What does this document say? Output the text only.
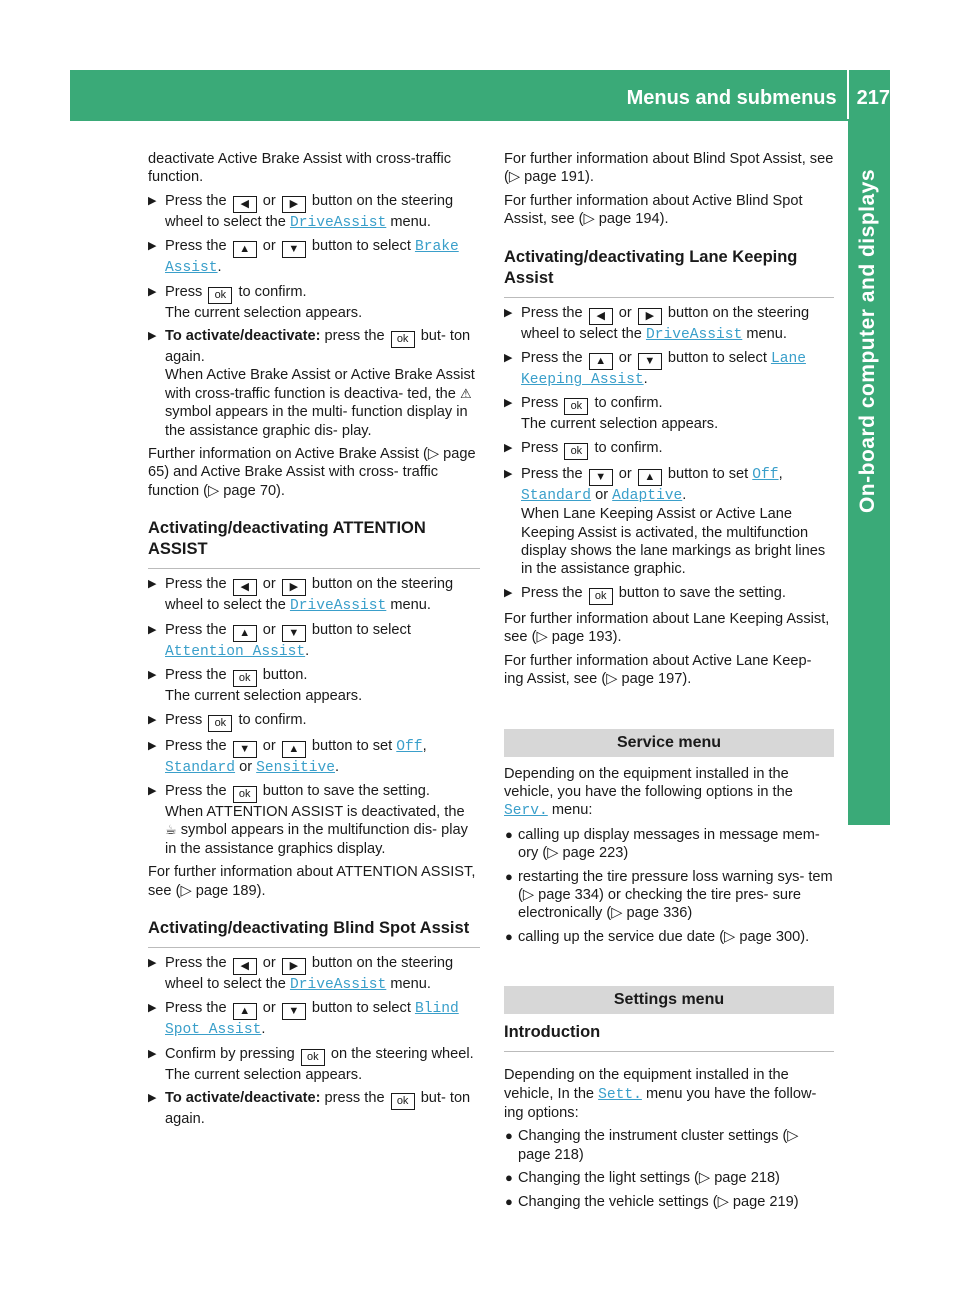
Menus and submenus 217
On-board computer and displays

deactivate Active Brake Assist with cross-traffic function.

▶ Press the ◀ or ▶ button on the steering wheel to select the DriveAssist menu.
▶ Press the ▲ or ▼ button to select Brake Assist.
▶ Press ok to confirm.
The current selection appears.
▶ To activate/deactivate: press the ok but- ton again.
When Active Brake Assist or Active Brake Assist with cross-traffic function is deactiva- ted, the ⚠ symbol appears in the multi- function display in the assistance graphic dis- play.

Further information on Active Brake Assist (▷ page 65) and Active Brake Assist with cross- traffic function (▷ page 70).

Activating/deactivating ATTENTION ASSIST
▶ Press the ◀ or ▶ button on the steering wheel to select the DriveAssist menu.
▶ Press the ▲ or ▼ button to select Attention Assist.
▶ Press the ok button.
The current selection appears.
▶ Press ok to confirm.
▶ Press the ▼ or ▲ button to set Off, Standard or Sensitive.
▶ Press the ok button to save the setting.
When ATTENTION ASSIST is deactivated, the
☕ symbol appears in the multifunction dis- play in the assistance graphics display.

For further information about ATTENTION ASSIST, see (▷ page 189).

Activating/deactivating Blind Spot Assist
▶ Press the ◀ or ▶ button on the steering wheel to select the DriveAssist menu.
▶ Press the ▲ or ▼ button to select Blind Spot Assist.
▶ Confirm by pressing ok on the steering wheel.
The current selection appears.
▶ To activate/deactivate: press the ok but- ton again.

For further information about Blind Spot Assist, see (▷ page 191).

For further information about Active Blind Spot Assist, see (▷ page 194).

Activating/deactivating Lane Keeping Assist
▶ Press the ◀ or ▶ button on the steering wheel to select the DriveAssist menu.
▶ Press the ▲ or ▼ button to select Lane Keeping Assist.
▶ Press ok to confirm.
The current selection appears.
▶ Press ok to confirm.
▶ Press the ▼ or ▲ button to set Off, Standard or Adaptive.
When Lane Keeping Assist or Active Lane Keeping Assist is activated, the multifunction display shows the lane markings as bright lines in the assistance graphic.
▶ Press the ok button to save the setting.

For further information about Lane Keeping Assist, see (▷ page 193).

For further information about Active Lane Keep- ing Assist, see (▷ page 197).

Service menu

Depending on the equipment installed in the vehicle, you have the following options in the Serv. menu:

● calling up display messages in message mem- ory (▷ page 223)
● restarting the tire pressure loss warning sys- tem (▷ page 334) or checking the tire pres- sure electronically (▷ page 336)
● calling up the service due date (▷ page 300).
Settings menu
Introduction

Depending on the equipment installed in the vehicle, In the Sett. menu you have the follow- ing options:

● Changing the instrument cluster settings (▷ page 218)
● Changing the light settings (▷ page 218)
● Changing the vehicle settings (▷ page 219)
